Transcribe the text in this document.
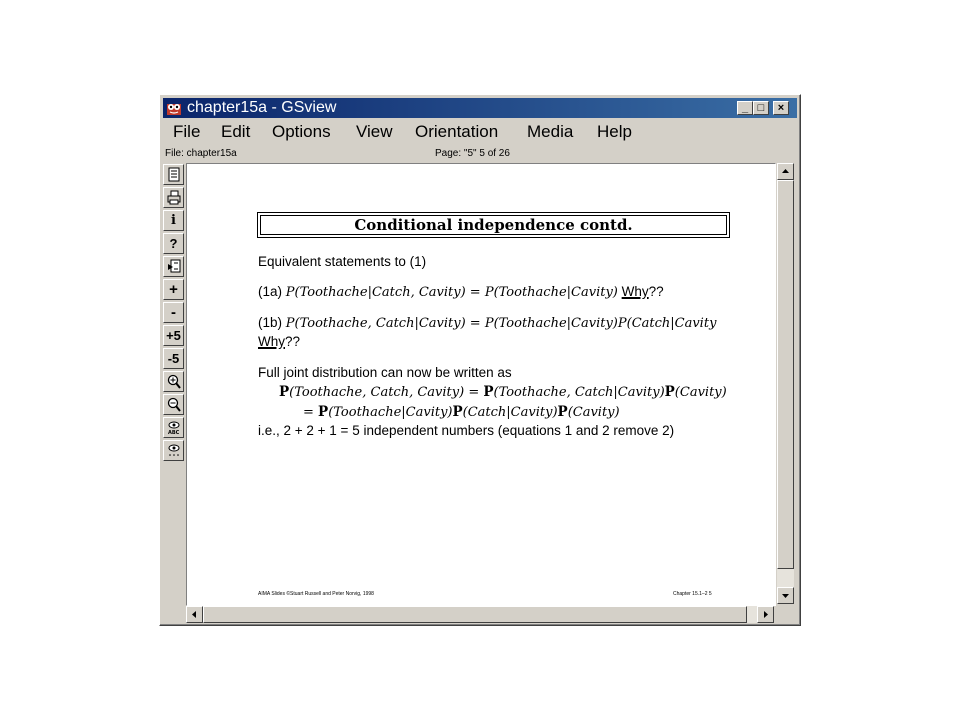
chapter15a - GSview	_ □	×
File Edit Options View Orientation Media Help
File: chapter15a	Page: "5" 5 of 26
i
?
+
-
+5
-5
ABC
Conditional independence contd.
Equivalent statements to (1)
(1a) P(Toothache|Catch, Cavity) = P(Toothache|Cavity) Why??
(1b) P(Toothache, Catch|Cavity) = P(Toothache|Cavity)P(Catch|Cavity
Why??
Full joint distribution can now be written as
P(Toothache, Catch, Cavity) = P(Toothache, Catch|Cavity)P(Cavity)
= P(Toothache|Cavity)P(Catch|Cavity)P(Cavity)
i.e., 2 + 2 + 1 = 5 independent numbers (equations 1 and 2 remove 2)
AIMA Slides ©Stuart Russell and Peter Norvig, 1998	Chapter 15.1–2 5
